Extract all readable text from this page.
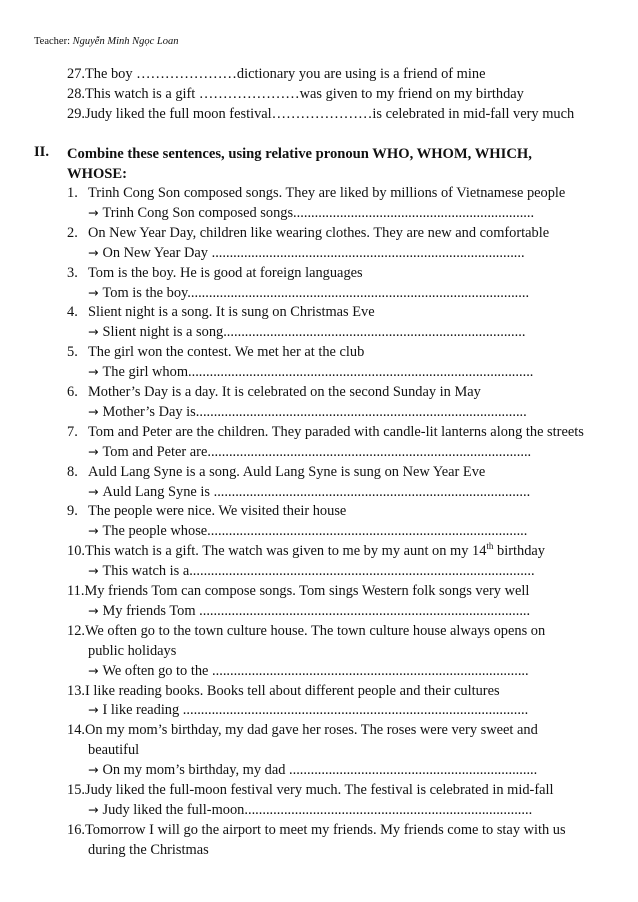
Teacher: Nguyễn Minh Ngọc Loan
27.The boy …………………dictionary you are using is a friend of mine
28.This watch is a gift …………………was given to my friend on my birthday
29.Judy liked the full moon festival…………………is celebrated in mid-fall very much
II. Combine these sentences, using relative pronoun WHO, WHOM, WHICH,
WHOSE:
1. Trinh Cong Son composed songs. They are liked by millions of Vietnamese people
→ Trinh Cong Son composed songs...................................................................
2. On New Year Day, children like wearing clothes. They are new and comfortable
→ On New Year Day .......................................................................................
3. Tom is the boy. He is good at foreign languages
→ Tom is the boy...............................................................................................
4. Slient night is a song. It is sung on Christmas Eve
→ Slient night is a song....................................................................................
5. The girl won the contest. We met her at the club
→ The girl whom................................................................................................
6. Mother’s Day is a day. It is celebrated on the second Sunday in May
→ Mother’s Day is............................................................................................
7. Tom and Peter are the children. They paraded with candle-lit lanterns along the streets
→ Tom and Peter are..........................................................................................
8. Auld Lang Syne is a song. Auld Lang Syne is sung on New Year Eve
→ Auld Lang Syne is ........................................................................................
9. The people were nice. We visited their house
→ The people whose.........................................................................................
10.This watch is a gift. The watch was given to me by my aunt on my 14th birthday
→ This watch is a................................................................................................
11.My friends Tom can compose songs. Tom sings Western folk songs very well
→ My friends Tom ............................................................................................
12.We often go to the town culture house. The town culture house always opens on
public holidays
→ We often go to the ........................................................................................
13.I like reading books. Books tell about different people and their cultures
→ I like reading ................................................................................................
14.On my mom’s birthday, my dad gave her roses. The roses were very sweet and
beautiful
→ On my mom’s birthday, my dad .....................................................................
15.Judy liked the full-moon festival very much. The festival is celebrated in mid-fall
→ Judy liked the full-moon................................................................................
16.Tomorrow I will go the airport to meet my friends. My friends come to stay with us
during the Christmas
